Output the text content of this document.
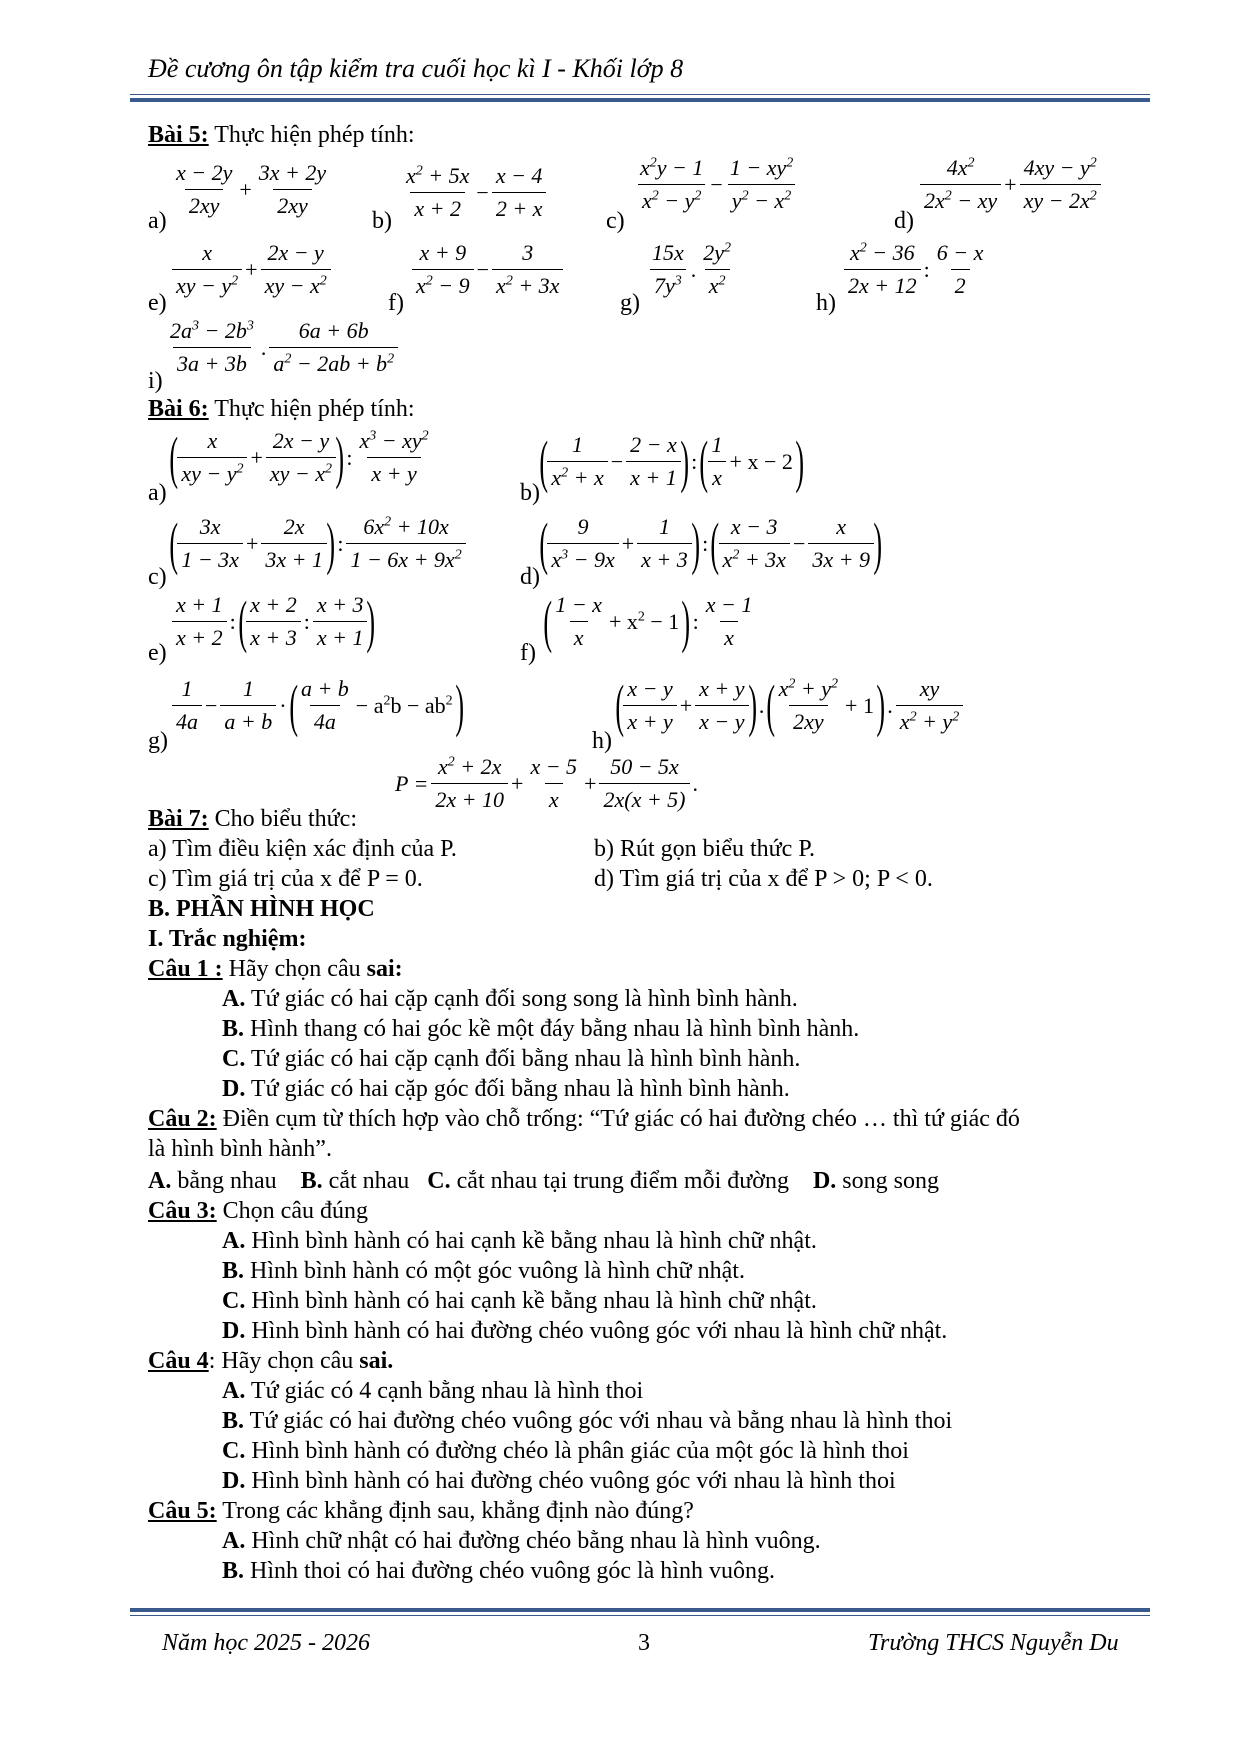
Đề cương ôn tập kiểm tra cuối học kì I - Khối lớp 8
Bài 5: Thực hiện phép tính:
a)
$\frac{x - 2y}{2xy} + \frac{3x + 2y}{2xy}$
$b) \frac{x^2 + 5x}{x + 2} - \frac{x - 4}{2 + x} c$)
$\frac{x^2y - 1}{x^2 - y^2} - \frac{1 - xy^2}{y^2 - x^2}$
d)
$\frac{4x^2}{2x^2 - xy} + \frac{4xy - y^2}{xy - 2x^2}$
e)
$\frac{x}{xy - y^2} + \frac{2x - y}{xy - x^2}$
f)
$\frac{x + 9}{x^2 - 9} - \frac{3}{x^2 + 3x}$
g)
$\frac{15x}{7y^3}$ . $\frac{2y^2}{x^2}$
h)
$\frac{x^2 - 36}{2x + 12}$ : $\frac{6 - x}{2}$
i)
$\frac{2a^3 - 2b^3}{3a + 3b}$ . $\frac{6a + 6b}{a^2 - 2ab + b^2}$
Bài 6: Thực hiện phép tính:
a)
( $\frac{x}{xy - y^2} + \frac{2x - y}{xy - x^2}$ ) : $\frac{x^3 - xy^2}{x + y}$
b) ( $\frac{1}{x^2 + x} - \frac{2 - x}{x + 1}$ ) :( $\frac{1}{x} + x - 2$)
c)
( $\frac{3x}{1 - 3x} + \frac{2x}{3x + 1}$ ) : $\frac{6x^2 + 10x}{1 - 6x + 9x^2}$
d)
( $\frac{9}{x^3 - 9x} + \frac{1}{x + 3}$ ) :( $\frac{x - 3}{x^2 + 3x} - \frac{x}{3x + 9}$ )
e)
$\frac{x + 1}{x + 2}$ :( $\frac{x + 2}{x + 3}$ : $\frac{x + 3}{x + 1}$ )	f) ( $\frac{1 - x}{x} + x^2 - 1$) : $\frac{x - 1}{x}$
g)
$\frac{1}{4a} - \frac{1}{a + b}$ ·( $\frac{a + b}{4a} - a^2b - ab^2$)
h)
( $\frac{x - y}{x + y} + \frac{x + y}{x - y}$ ) .( $\frac{x^2 + y^2}{2xy} + 1$) . $\frac{xy}{x^2 + y^2}$
$P = \frac{x^2 + 2x}{2x + 10} + \frac{x - 5}{x} + \frac{50 - 5x}{2x(x + 5)}$ .
Bài 7: Cho biểu thức:
a) Tìm điều kiện xác định của P.	b) Rút gọn biểu thức P.
c) Tìm giá trị của x để P = 0.	d) Tìm giá trị của x để P > 0; P < 0.
B. PHẦN HÌNH HỌC
I. Trắc nghiệm:
Câu 1 : Hãy chọn câu sai:
A. Tứ giác có hai cặp cạnh đối song song là hình bình hành.
B. Hình thang có hai góc kề một đáy bằng nhau là hình bình hành.
C. Tứ giác có hai cặp cạnh đối bằng nhau là hình bình hành.
D. Tứ giác có hai cặp góc đối bằng nhau là hình bình hành.
Câu 2: Điền cụm từ thích hợp vào chỗ trống: “Tứ giác có hai đường chéo … thì tứ giác đó
là hình bình hành”.
A. bằng nhau B. cắt nhau C. cắt nhau tại trung điểm mỗi đường D. song song
Câu 3: Chọn câu đúng
A. Hình bình hành có hai cạnh kề bằng nhau là hình chữ nhật.
B. Hình bình hành có một góc vuông là hình chữ nhật.
C. Hình bình hành có hai cạnh kề bằng nhau là hình chữ nhật.
D. Hình bình hành có hai đường chéo vuông góc với nhau là hình chữ nhật.
Câu 4: Hãy chọn câu sai.
A. Tứ giác có 4 cạnh bằng nhau là hình thoi
B. Tứ giác có hai đường chéo vuông góc với nhau và bằng nhau là hình thoi
C. Hình bình hành có đường chéo là phân giác của một góc là hình thoi
D. Hình bình hành có hai đường chéo vuông góc với nhau là hình thoi
Câu 5: Trong các khẳng định sau, khẳng định nào đúng?
A. Hình chữ nhật có hai đường chéo bằng nhau là hình vuông.
B. Hình thoi có hai đường chéo vuông góc là hình vuông.
Năm học 2025 - 2026	3	Trường THCS Nguyễn Du
